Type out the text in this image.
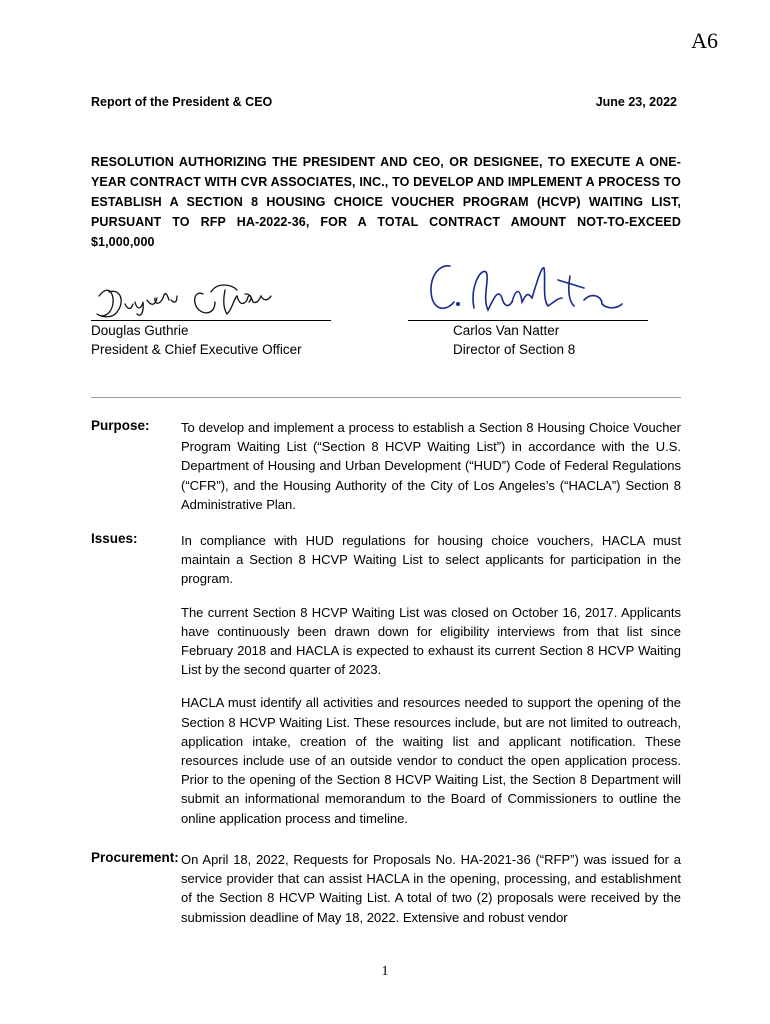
A6
Report of the President & CEO	June 23, 2022
RESOLUTION AUTHORIZING THE PRESIDENT AND CEO, OR DESIGNEE, TO EXECUTE A ONE-YEAR CONTRACT WITH CVR ASSOCIATES, INC., TO DEVELOP AND IMPLEMENT A PROCESS TO ESTABLISH A SECTION 8 HOUSING CHOICE VOUCHER PROGRAM (HCVP) WAITING LIST, PURSUANT TO RFP HA-2022-36, FOR A TOTAL CONTRACT AMOUNT NOT-TO-EXCEED $1,000,000
Douglas Guthrie
President & Chief Executive Officer
Carlos Van Natter
Director of Section 8
Purpose: To develop and implement a process to establish a Section 8 Housing Choice Voucher Program Waiting List (“Section 8 HCVP Waiting List”) in accordance with the U.S. Department of Housing and Urban Development (“HUD”) Code of Federal Regulations (“CFR”), and the Housing Authority of the City of Los Angeles’s (“HACLA”) Section 8 Administrative Plan.

Issues:	In compliance with HUD regulations for housing choice vouchers, HACLA must maintain a Section 8 HCVP Waiting List to select applicants for participation in the program.

The current Section 8 HCVP Waiting List was closed on October 16, 2017. Applicants have continuously been drawn down for eligibility interviews from that list since February 2018 and HACLA is expected to exhaust its current Section 8 HCVP Waiting List by the second quarter of 2023.

HACLA must identify all activities and resources needed to support the opening of the Section 8 HCVP Waiting List. These resources include, but are not limited to outreach, application intake, creation of the waiting list and applicant notification. These resources include use of an outside vendor to conduct the open application process. Prior to the opening of the Section 8 HCVP Waiting List, the Section 8 Department will submit an informational memorandum to the Board of Commissioners to outline the online application process and timeline.

Procurement: On April 18, 2022, Requests for Proposals No. HA-2021-36 (“RFP”) was issued for a service provider that can assist HACLA in the opening, processing, and establishment of the Section 8 HCVP Waiting List. A total of two (2) proposals were received by the submission deadline of May 18, 2022. Extensive and robust vendor

1
